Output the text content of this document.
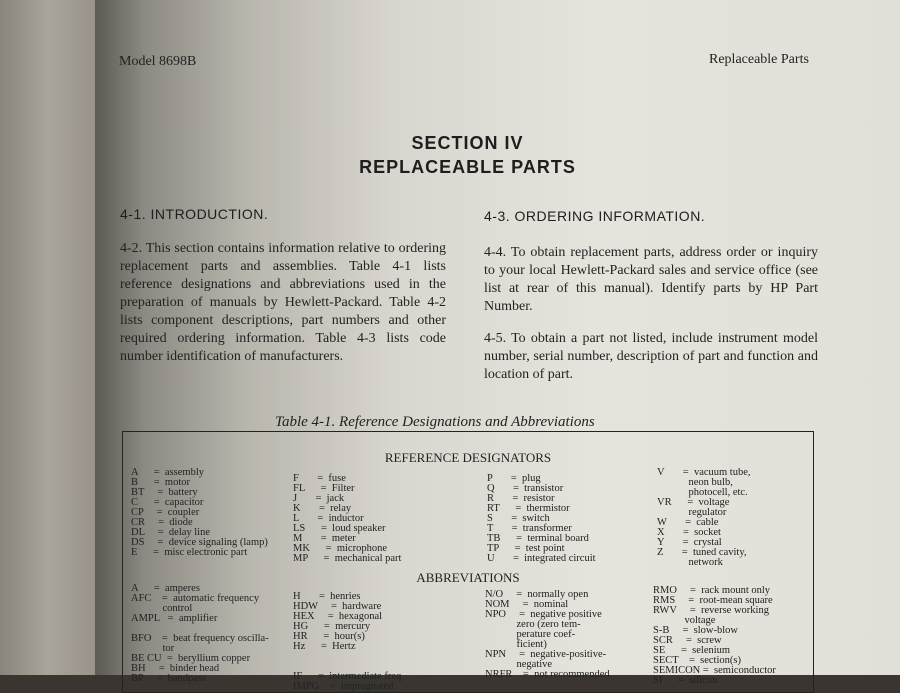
Model 8698B	Replaceable Parts
SECTION IV
REPLACEABLE PARTS
4-1. INTRODUCTION.
4-2. This section contains information relative to ordering replacement parts and assemblies. Table 4-1 lists reference designations and abbreviations used in the preparation of manuals by Hewlett-Packard. Table 4-2 lists component descriptions, part numbers and other required ordering information. Table 4-3 lists code number identification of manufacturers.
4-3. ORDERING INFORMATION.
4-4. To obtain replacement parts, address order or inquiry to your local Hewlett-Packard sales and service office (see list at rear of this manual). Identify parts by HP Part Number.
4-5. To obtain a part not listed, include instrument model number, serial number, description of part and function and location of part.
Table 4-1. Reference Designations and Abbreviations
REFERENCE DESIGNATORS
A      =  assembly
B      =  motor
BT     =  battery
C      =  capacitor
CP     =  coupler
CR     =  diode
DL     =  delay line
DS     =  device signaling (lamp)
E      =  misc electronic part
F       =  fuse
FL      =  Filter
J       =  jack
K       =  relay
L       =  inductor
LS      =  loud speaker
M       =  meter
MK      =  microphone
MP      =  mechanical part
P       =  plug
Q       =  transistor
R       =  resistor
RT      =  thermistor
S       =  switch
T       =  transformer
TB      =  terminal board
TP      =  test point
U       =  integrated circuit
V       =  vacuum tube,
neon bulb,
photocell, etc.
VR      =  voltage
regulator
W       =  cable
X       =  socket
Y       =  crystal
Z       =  tuned cavity,
network
ABBREVIATIONS
A      =  amperes
AFC    =  automatic frequency
control
AMPL   =  amplifier

BFO    =  beat frequency oscilla-
tor
BE CU  =  beryllium copper
BH     =  binder head
BP     =  bandpass
H       =  henries
HDW     =  hardware
HEX     =  hexagonal
HG      =  mercury
HR      =  hour(s)
Hz      =  Hertz

IF      =  intermediate freq
IMPG    =  impregnated
N/O     =  normally open
NOM     =  nominal
NPO     =  negative positive
zero (zero tem-
perature coef-
ficient)
NPN     =  negative-positive-
negative
NRFR    =  not recommended
RMO     =  rack mount only
RMS     =  root-mean square
RWV     =  reverse working
voltage
S-B     =  slow-blow
SCR     =  screw
SE      =  selenium
SECT    =  section(s)
SEMICON =  semiconductor
SI      =  silicon
